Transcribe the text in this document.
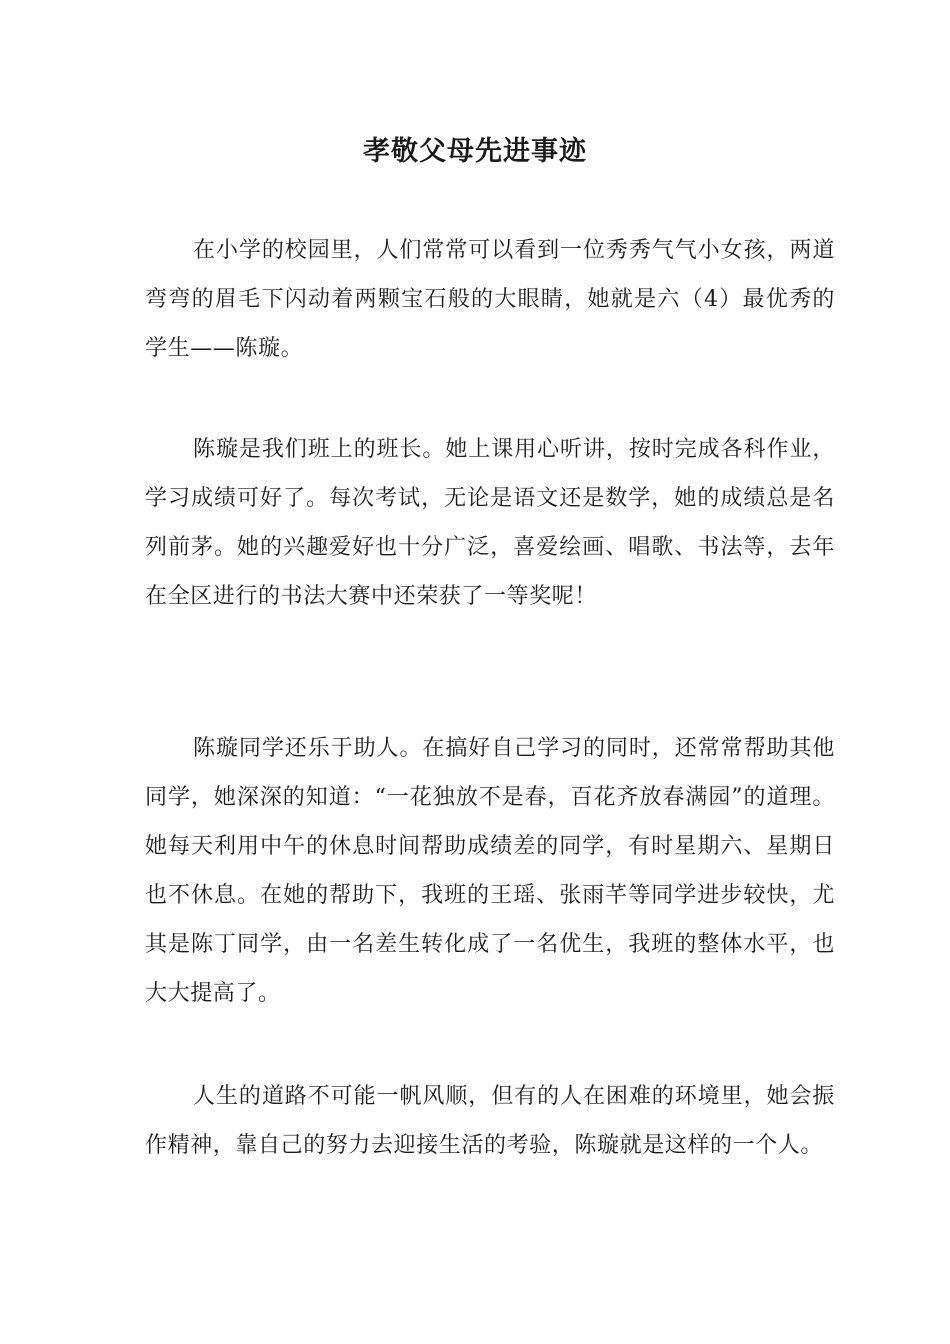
孝敬父母先进事迹

在小学的校园里，人们常常可以看到一位秀秀气气小女孩，两道弯弯的眉毛下闪动着两颗宝石般的大眼睛，她就是六（4）最优秀的学生——陈璇。

陈璇是我们班上的班长。她上课用心听讲，按时完成各科作业，学习成绩可好了。每次考试，无论是语文还是数学，她的成绩总是名列前茅。她的兴趣爱好也十分广泛，喜爱绘画、唱歌、书法等，去年在全区进行的书法大赛中还荣获了一等奖呢！

陈璇同学还乐于助人。在搞好自己学习的同时，还常常帮助其他同学，她深深的知道：“一花独放不是春，百花齐放春满园”的道理。她每天利用中午的休息时间帮助成绩差的同学，有时星期六、星期日也不休息。在她的帮助下，我班的王瑶、张雨芊等同学进步较快，尤其是陈丁同学，由一名差生转化成了一名优生，我班的整体水平，也大大提高了。

人生的道路不可能一帆风顺，但有的人在困难的环境里，她会振作精神，靠自己的努力去迎接生活的考验，陈璇就是这样的一个人。
